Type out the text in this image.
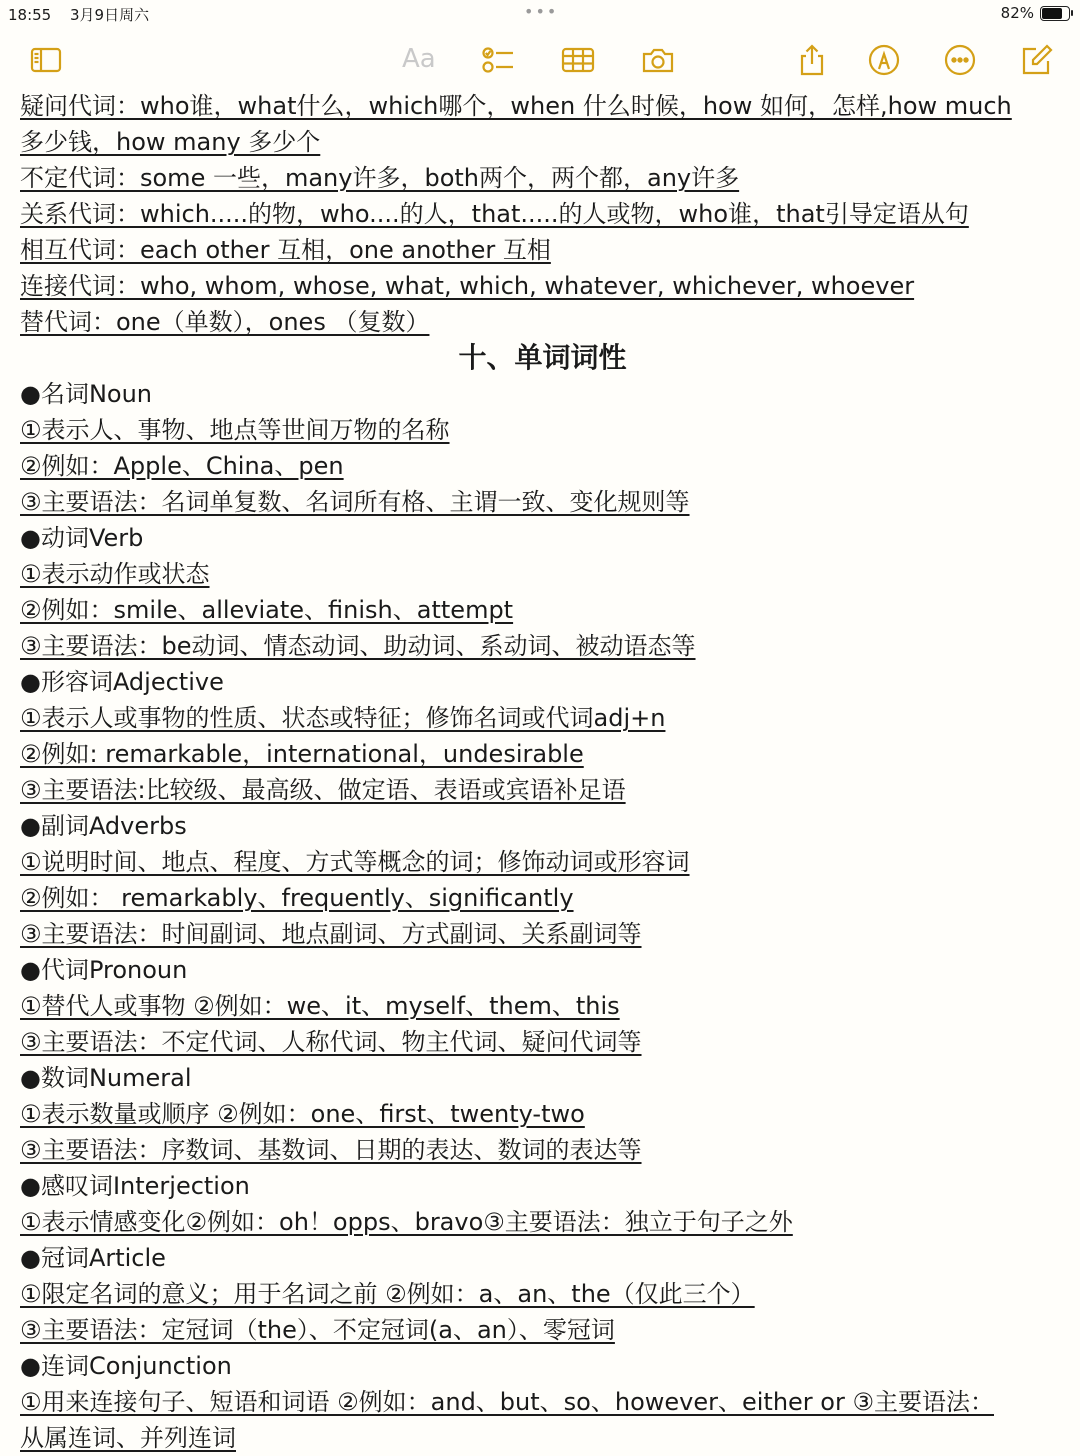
18:55 3月9日周六	•••	82%
Aa
疑问代词：who谁，what什么，which哪个，when 什么时候，how 如何，怎样,how much
多少钱，how many 多少个
不定代词：some 一些，many许多，both两个，两个都，any许多
关系代词：which.....的物，who....的人，that.....的人或物，who谁，that引导定语从句
相互代词：each other 互相，one another 互相
连接代词：who, whom, whose, what, which, whatever, whichever, whoever
替代词：one（单数），ones （复数）
十、单词词性
●名词Noun
①表示人、事物、地点等世间万物的名称
②例如：Apple、China、pen
③主要语法：名词单复数、名词所有格、主谓一致、变化规则等
●动词Verb
①表示动作或状态
②例如：smile、alleviate、finish、attempt
③主要语法：be动词、情态动词、助动词、系动词、被动语态等
●形容词Adjective
①表示人或事物的性质、状态或特征；修饰名词或代词adj+n
②例如: remarkable，international，undesirable
③主要语法:比较级、最高级、做定语、表语或宾语补足语
●副词Adverbs
①说明时间、地点、程度、方式等概念的词；修饰动词或形容词
②例如： remarkably、frequently、significantly
③主要语法：时间副词、地点副词、方式副词、关系副词等
●代词Pronoun
①替代人或事物 ②例如：we、it、myself、them、this
③主要语法：不定代词、人称代词、物主代词、疑问代词等
●数词Numeral
①表示数量或顺序 ②例如：one、first、twenty-two
③主要语法：序数词、基数词、日期的表达、数词的表达等
●感叹词Interjection
①表示情感变化②例如：oh！opps、bravo③主要语法：独立于句子之外
●冠词Article
①限定名词的意义；用于名词之前 ②例如：a、an、the（仅此三个）
③主要语法：定冠词（the）、不定冠词(a、an）、零冠词
●连词Conjunction
①用来连接句子、短语和词语 ②例如：and、but、so、however、either or ③主要语法：
从属连词、并列连词
